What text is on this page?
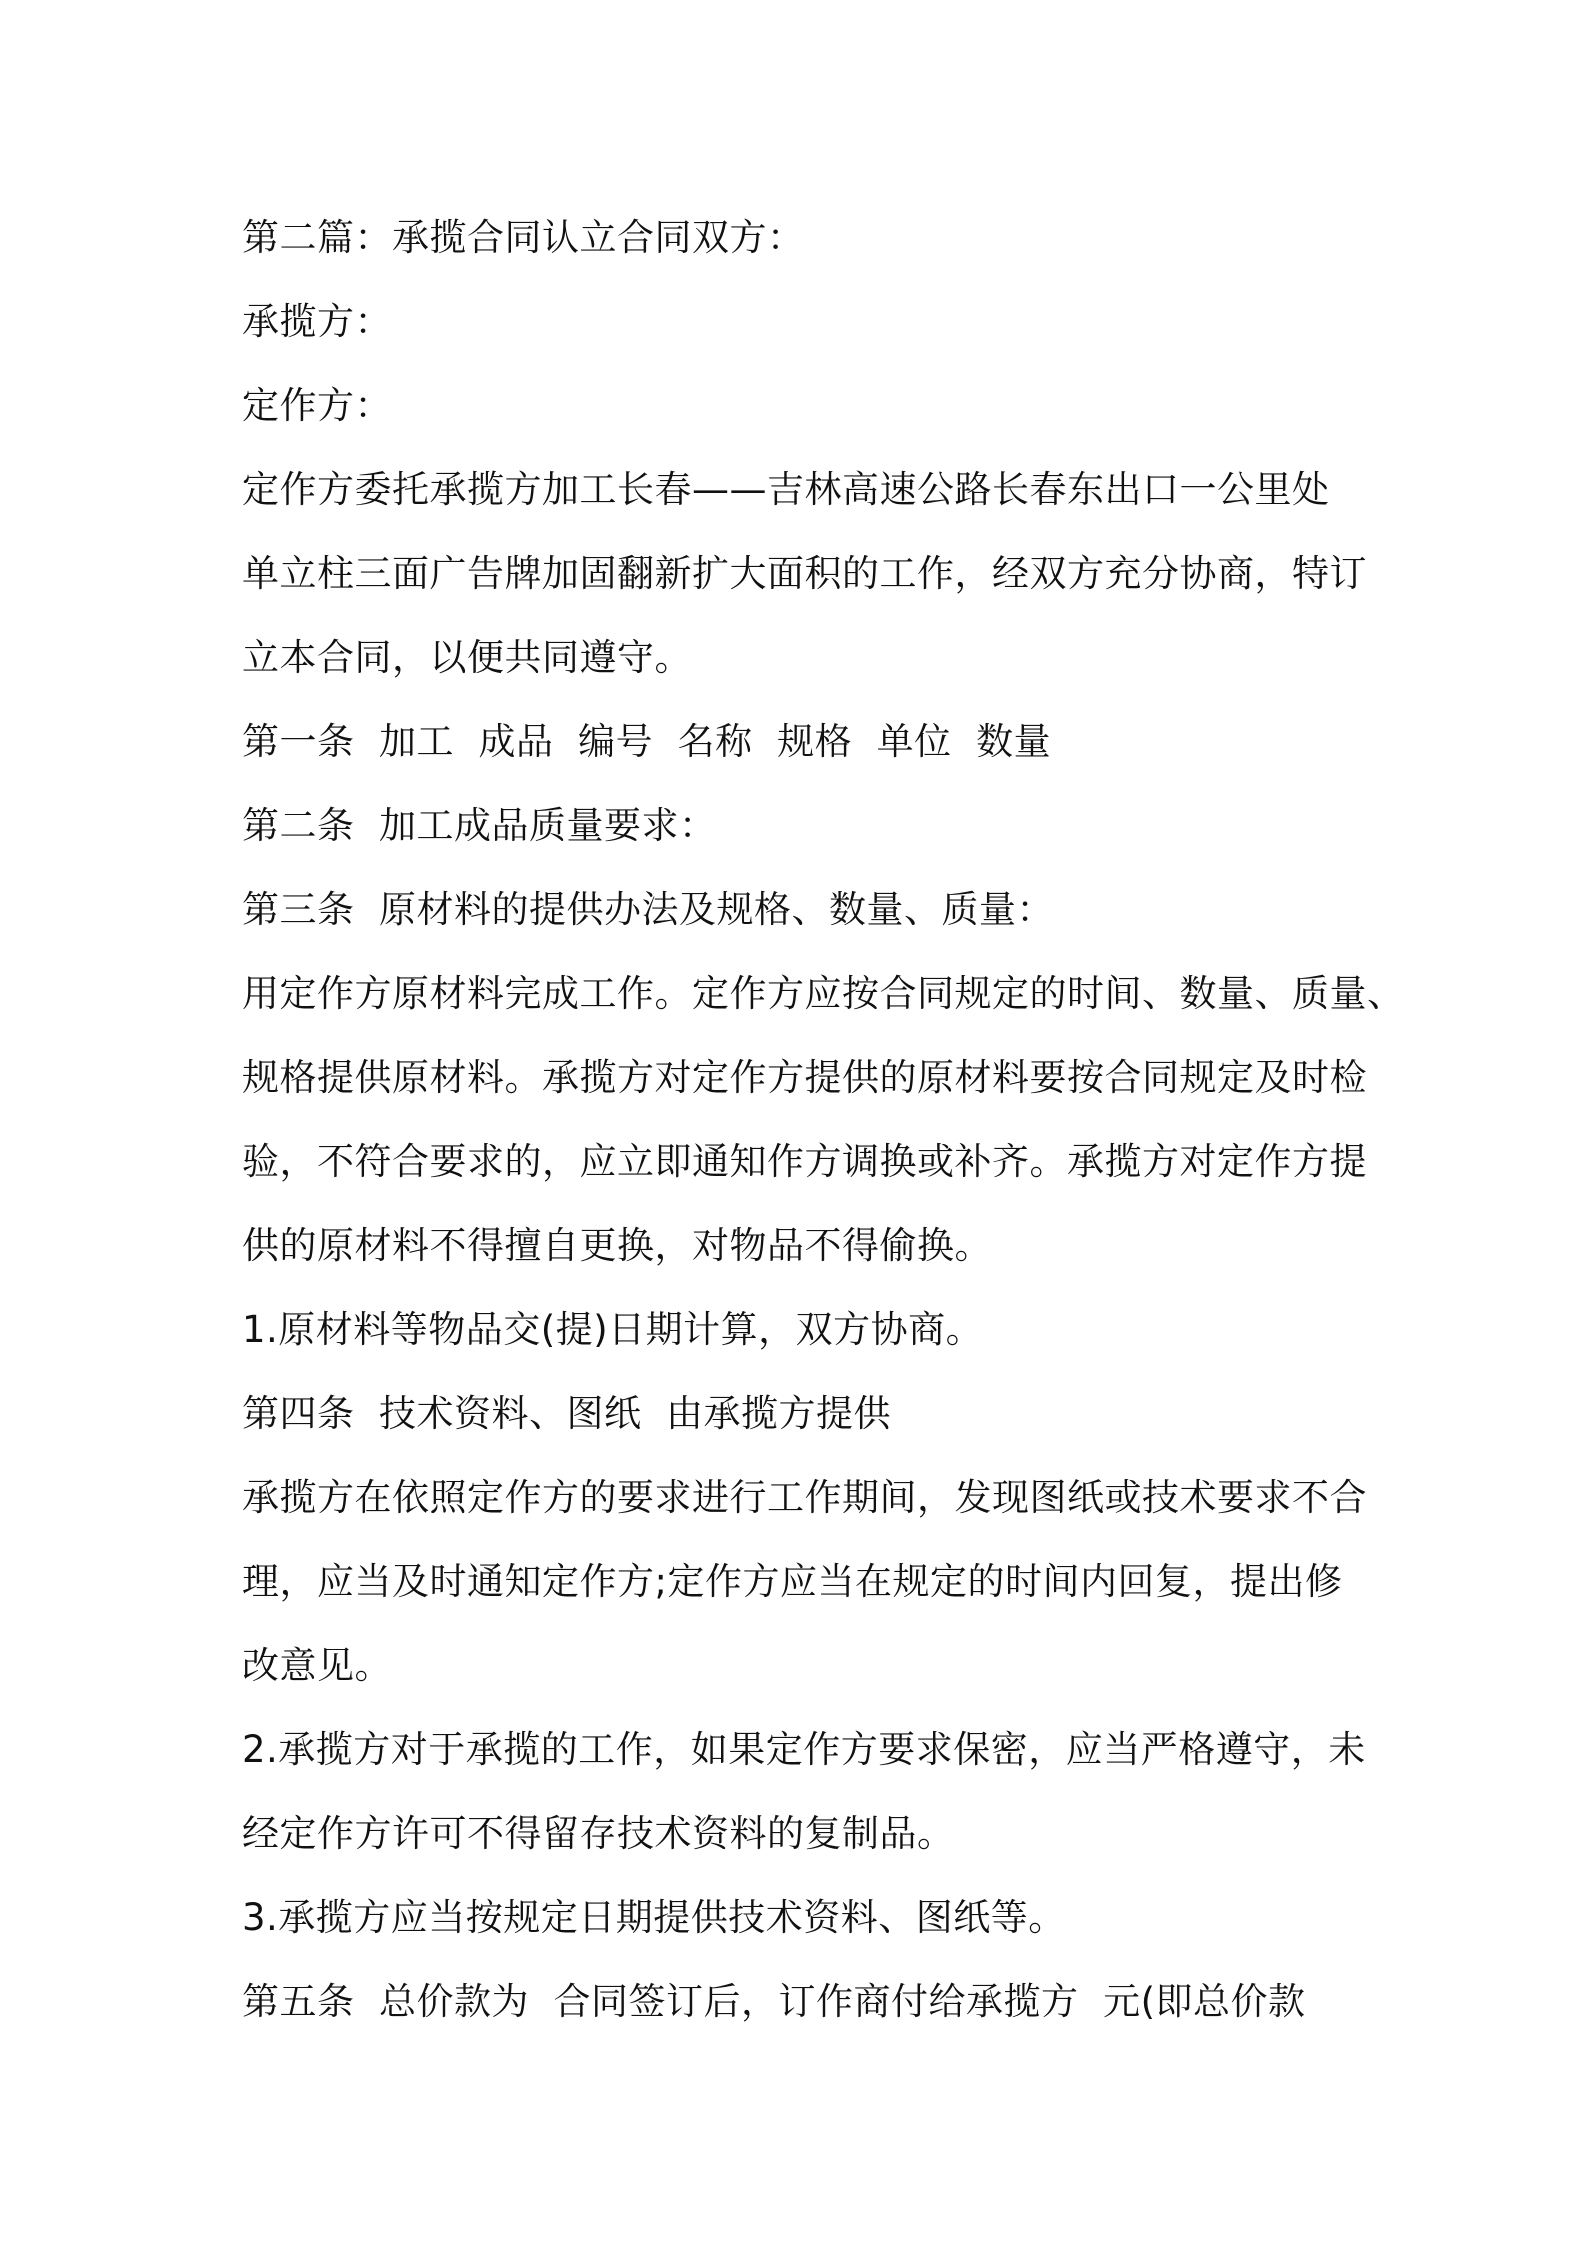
第二篇：承揽合同认立合同双方：
承揽方：
定作方：
定作方委托承揽方加工长春——吉林高速公路长春东出口一公里处
单立柱三面广告牌加固翻新扩大面积的工作，经双方充分协商，特订
立本合同，以便共同遵守。
第一条  加工  成品  编号  名称  规格  单位  数量
第二条  加工成品质量要求：
第三条  原材料的提供办法及规格、数量、质量：
用定作方原材料完成工作。定作方应按合同规定的时间、数量、质量、
规格提供原材料。承揽方对定作方提供的原材料要按合同规定及时检
验，不符合要求的，应立即通知作方调换或补齐。承揽方对定作方提
供的原材料不得擅自更换，对物品不得偷换。
1.原材料等物品交(提)日期计算，双方协商。
第四条  技术资料、图纸  由承揽方提供
承揽方在依照定作方的要求进行工作期间，发现图纸或技术要求不合
理，应当及时通知定作方;定作方应当在规定的时间内回复，提出修
改意见。
2.承揽方对于承揽的工作，如果定作方要求保密，应当严格遵守，未
经定作方许可不得留存技术资料的复制品。
3.承揽方应当按规定日期提供技术资料、图纸等。
第五条  总价款为  合同签订后，订作商付给承揽方  元(即总价款
